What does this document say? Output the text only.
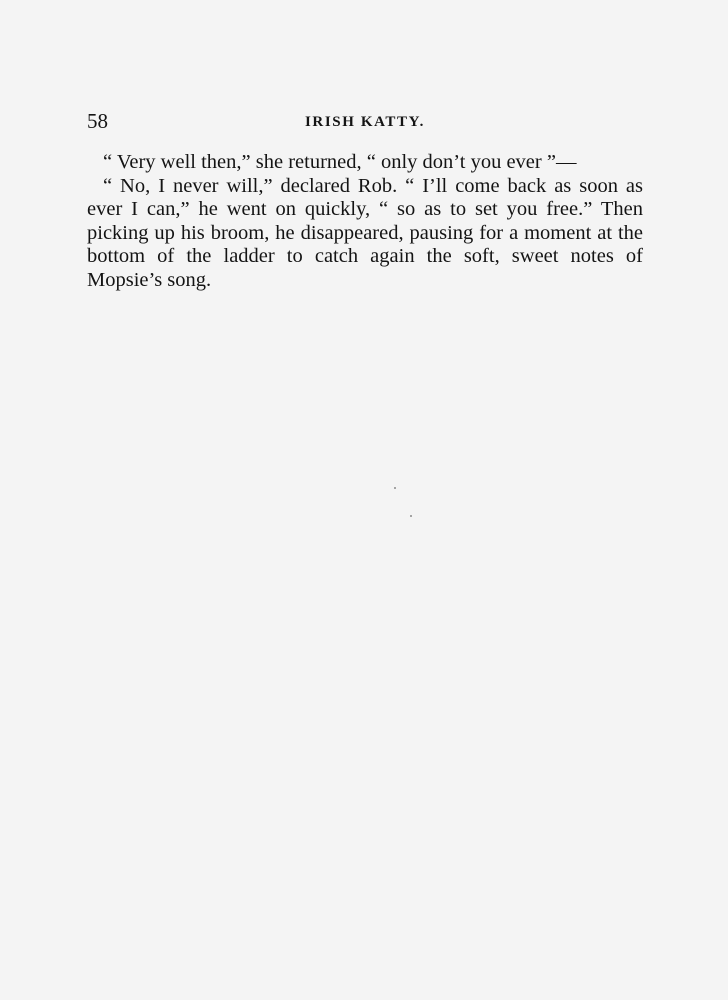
58	IRISH KATTY.

“ Very well then,” she returned, “ only don’t you ever ”—

“ No, I never will,” declared Rob. “ I’ll come back as soon as ever I can,” he went on quickly, “ so as to set you free.” Then picking up his broom, he disappeared, pausing for a moment at the bottom of the ladder to catch again the soft, sweet notes of Mopsie’s song.
